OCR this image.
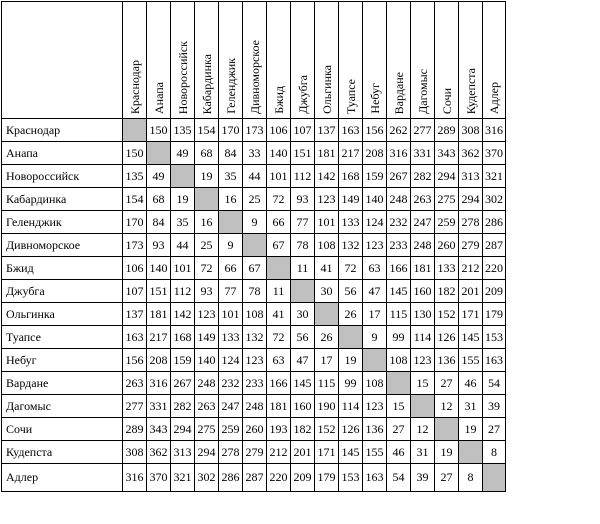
	Краснодар	Анапа	Новороссийск	Кабардинка	Геленджик	Дивноморское	Бжид	Джубга	Ольгинка	Туапсе	Небуг	Вардане	Дагомыс	Сочи	Кудепста	Адлер
Краснодар		150	135	154	170	173	106	107	137	163	156	262	277	289	308	316
Анапа	150		49	68	84	33	140	151	181	217	208	316	331	343	362	370
Новороссийск	135	49		19	35	44	101	112	142	168	159	267	282	294	313	321
Кабардинка	154	68	19		16	25	72	93	123	149	140	248	263	275	294	302
Геленджик	170	84	35	16		9	66	77	101	133	124	232	247	259	278	286
Дивноморское	173	93	44	25	9		67	78	108	132	123	233	248	260	279	287
Бжид	106	140	101	72	66	67		11	41	72	63	166	181	133	212	220
Джубга	107	151	112	93	77	78	11		30	56	47	145	160	182	201	209
Ольгинка	137	181	142	123	101	108	41	30		26	17	115	130	152	171	179
Туапсе	163	217	168	149	133	132	72	56	26		9	99	114	126	145	153
Небуг	156	208	159	140	124	123	63	47	17	19		108	123	136	155	163
Вардане	263	316	267	248	232	233	166	145	115	99	108		15	27	46	54
Дагомыс	277	331	282	263	247	248	181	160	190	114	123	15		12	31	39
Сочи	289	343	294	275	259	260	193	182	152	126	136	27	12		19	27
Кудепста	308	362	313	294	278	279	212	201	171	145	155	46	31	19		8
Адлер	316	370	321	302	286	287	220	209	179	153	163	54	39	27	8	
